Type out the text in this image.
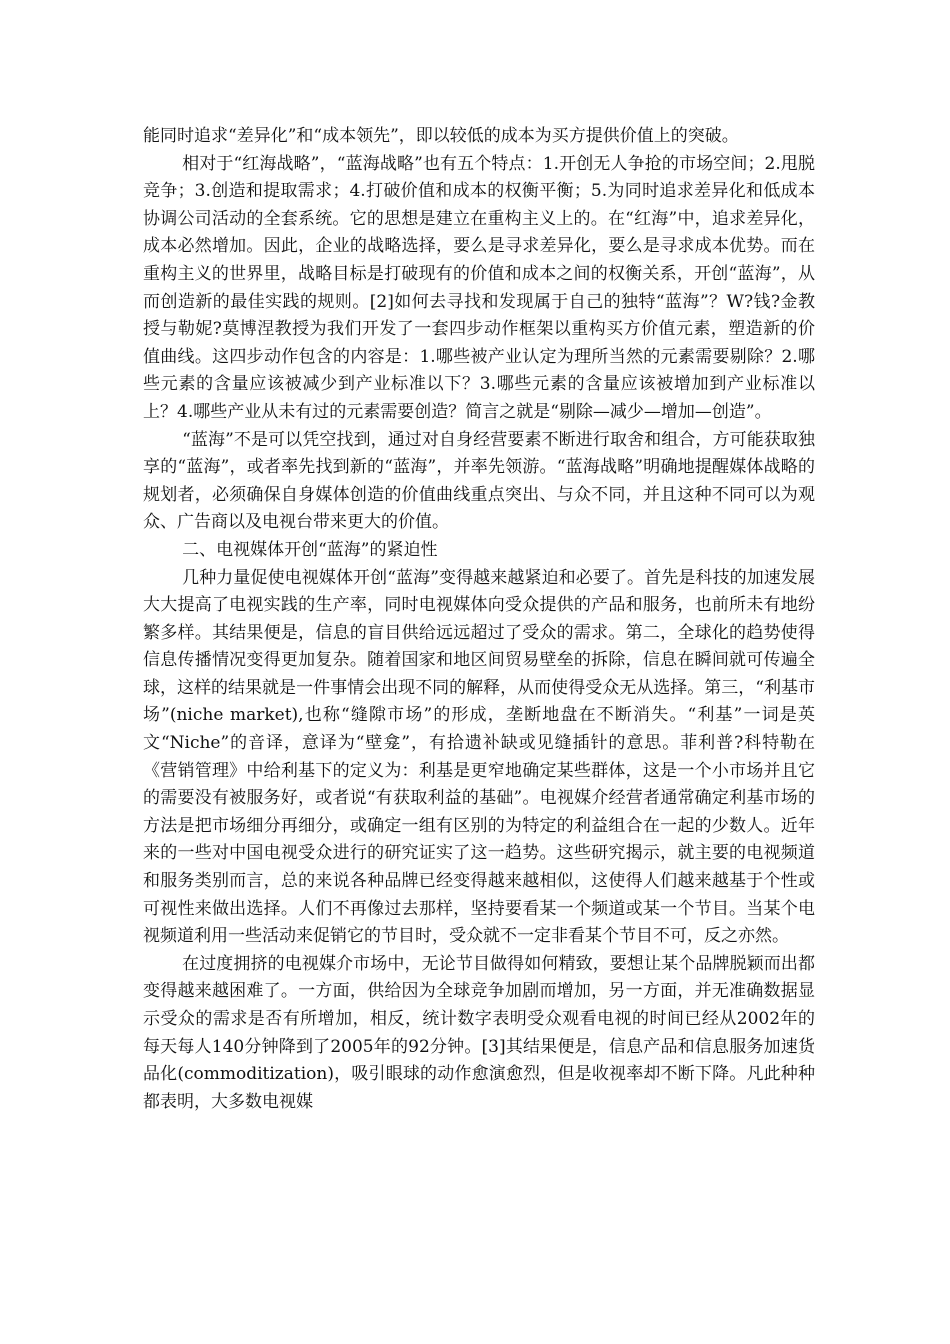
能同时追求“差异化”和“成本领先”，即以较低的成本为买方提供价值上的突破。

相对于“红海战略”，“蓝海战略”也有五个特点：1.开创无人争抢的市场空间；2.甩脱竞争；3.创造和提取需求；4.打破价值和成本的权衡平衡；5.为同时追求差异化和低成本协调公司活动的全套系统。它的思想是建立在重构主义上的。在“红海”中，追求差异化，成本必然增加。因此，企业的战略选择，要么是寻求差异化，要么是寻求成本优势。而在重构主义的世界里，战略目标是打破现有的价值和成本之间的权衡关系，开创“蓝海”，从而创造新的最佳实践的规则。[2]如何去寻找和发现属于自己的独特“蓝海”？W?钱?金教授与勒妮?莫博涅教授为我们开发了一套四步动作框架以重构买方价值元素，塑造新的价值曲线。这四步动作包含的内容是：1.哪些被产业认定为理所当然的元素需要剔除？2.哪些元素的含量应该被减少到产业标准以下？3.哪些元素的含量应该被增加到产业标准以上？4.哪些产业从未有过的元素需要创造？简言之就是“剔除—减少—增加—创造”。

“蓝海”不是可以凭空找到，通过对自身经营要素不断进行取舍和组合，方可能获取独享的“蓝海”，或者率先找到新的“蓝海”，并率先领游。“蓝海战略”明确地提醒媒体战略的规划者，必须确保自身媒体创造的价值曲线重点突出、与众不同，并且这种不同可以为观众、广告商以及电视台带来更大的价值。

二、电视媒体开创“蓝海”的紧迫性

几种力量促使电视媒体开创“蓝海”变得越来越紧迫和必要了。首先是科技的加速发展大大提高了电视实践的生产率，同时电视媒体向受众提供的产品和服务，也前所未有地纷繁多样。其结果便是，信息的盲目供给远远超过了受众的需求。第二，全球化的趋势使得信息传播情况变得更加复杂。随着国家和地区间贸易壁垒的拆除，信息在瞬间就可传遍全球，这样的结果就是一件事情会出现不同的解释，从而使得受众无从选择。第三，“利基市场”(niche market),也称“缝隙市场”的形成，垄断地盘在不断消失。“利基”一词是英文“Niche”的音译，意译为“壁龛”，有拾遗补缺或见缝插针的意思。菲利普?科特勒在《营销管理》中给利基下的定义为：利基是更窄地确定某些群体，这是一个小市场并且它的需要没有被服务好，或者说“有获取利益的基础”。电视媒介经营者通常确定利基市场的方法是把市场细分再细分，或确定一组有区别的为特定的利益组合在一起的少数人。近年来的一些对中国电视受众进行的研究证实了这一趋势。这些研究揭示，就主要的电视频道和服务类别而言，总的来说各种品牌已经变得越来越相似，这使得人们越来越基于个性或可视性来做出选择。人们不再像过去那样，坚持要看某一个频道或某一个节目。当某个电视频道利用一些活动来促销它的节目时，受众就不一定非看某个节目不可，反之亦然。

在过度拥挤的电视媒介市场中，无论节目做得如何精致，要想让某个品牌脱颖而出都变得越来越困难了。一方面，供给因为全球竞争加剧而增加，另一方面，并无准确数据显示受众的需求是否有所增加，相反，统计数字表明受众观看电视的时间已经从2002年的每天每人140分钟降到了2005年的92分钟。[3]其结果便是，信息产品和信息服务加速货品化(commoditization)，吸引眼球的动作愈演愈烈，但是收视率却不断下降。凡此种种都表明，大多数电视媒
